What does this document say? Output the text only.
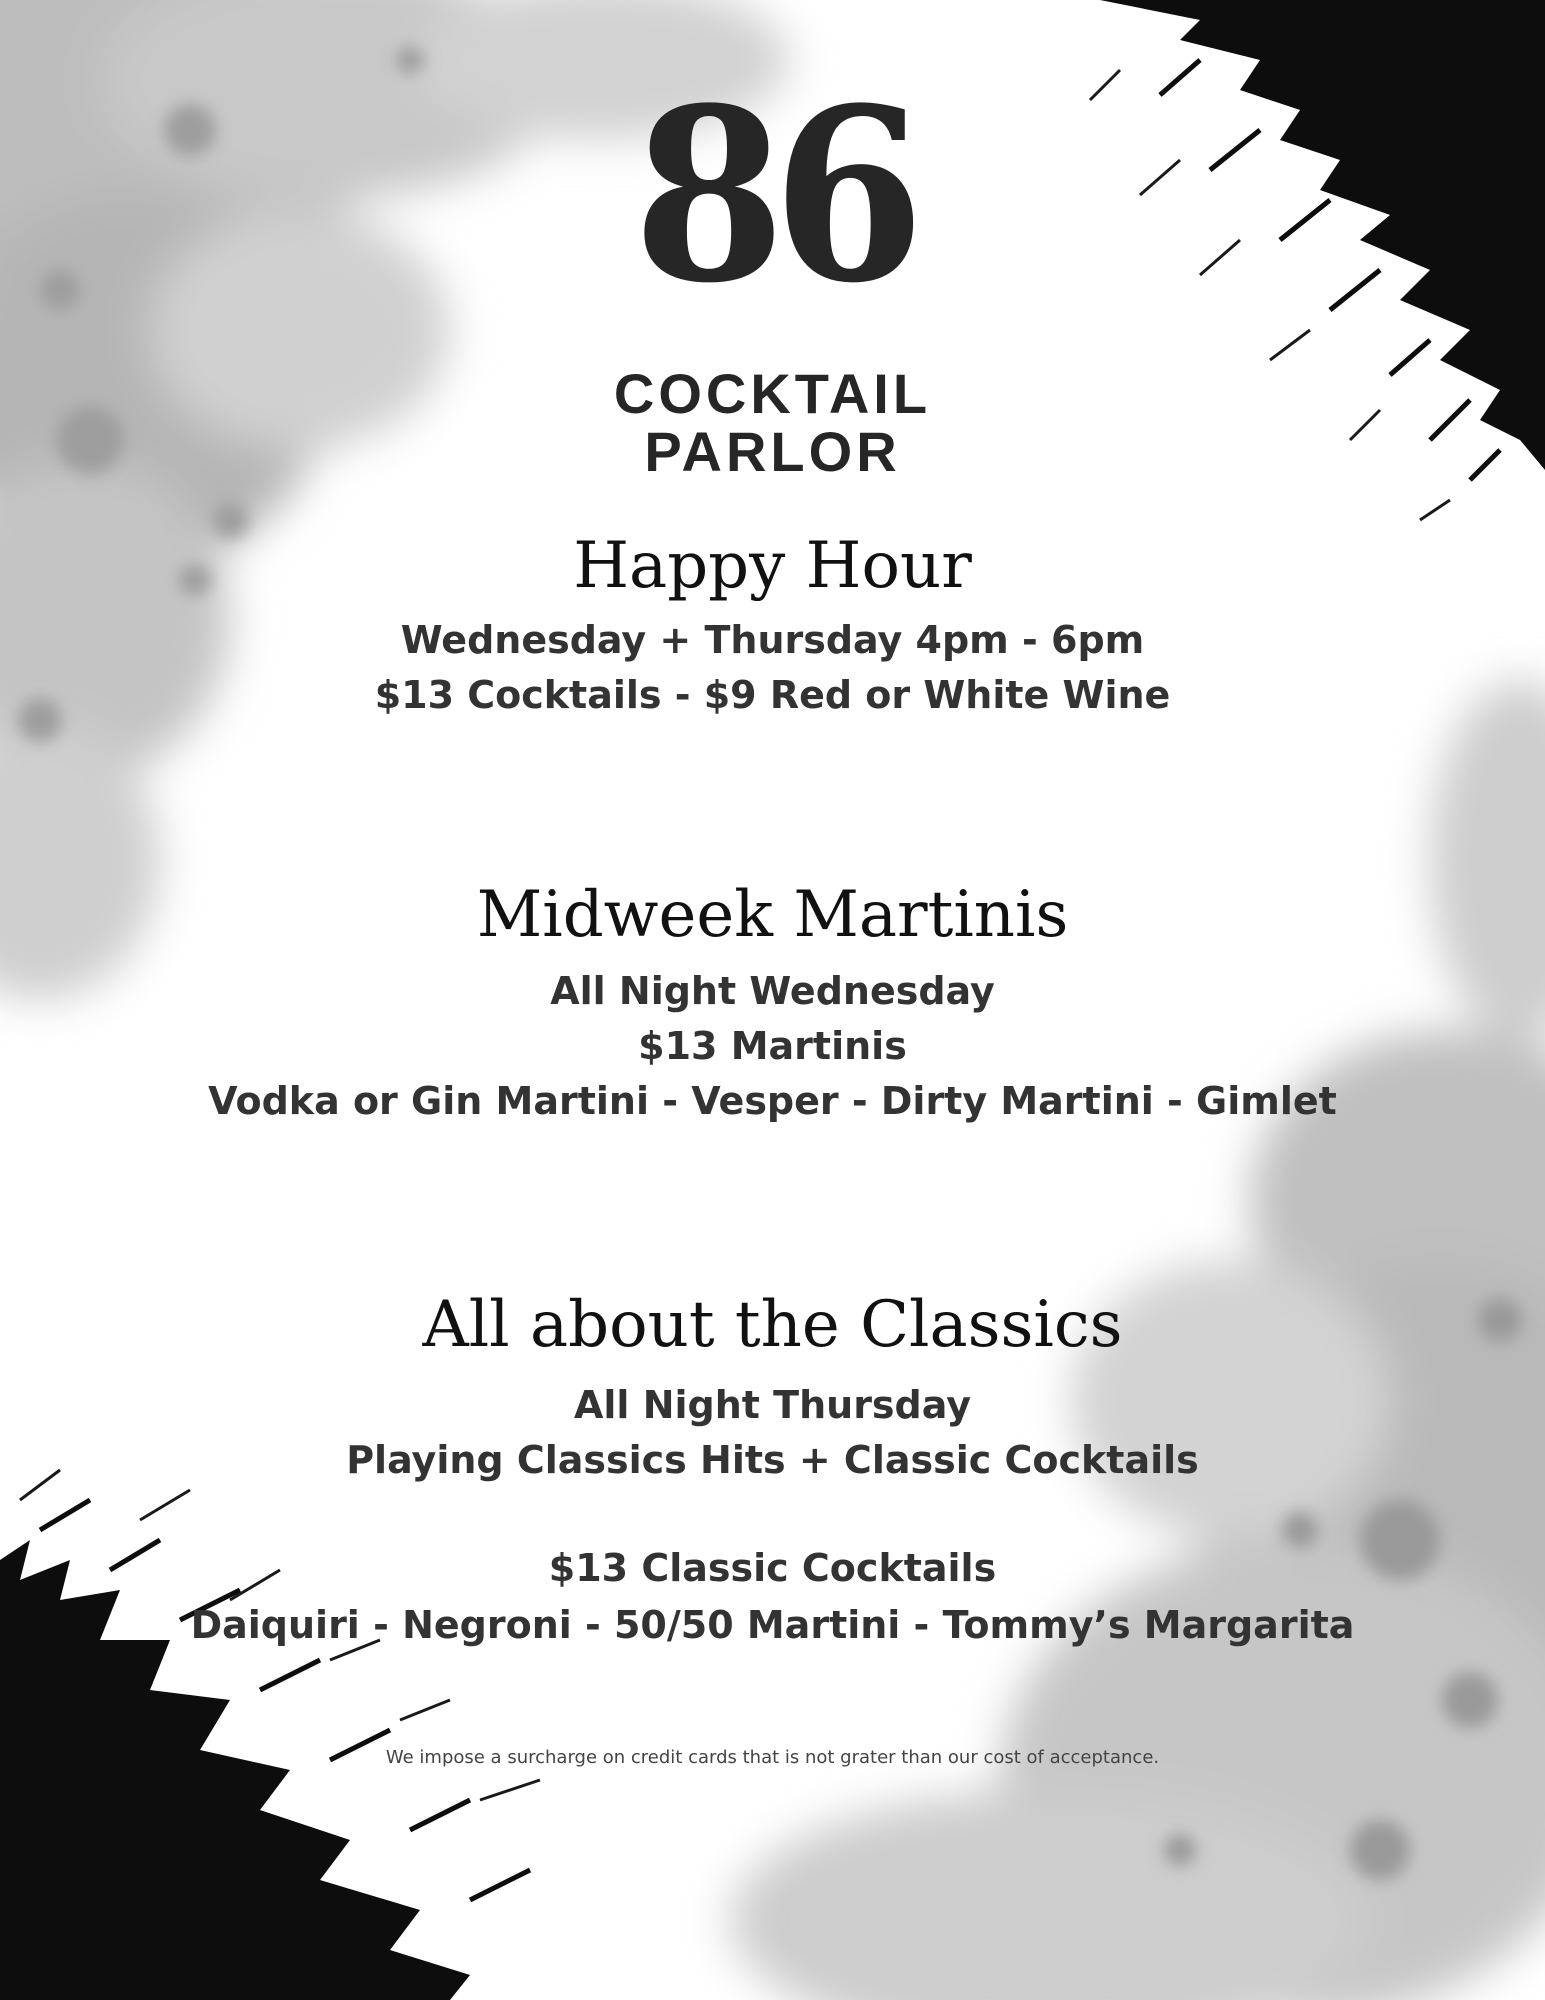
86
COCKTAIL
PARLOR
Happy Hour
Wednesday + Thursday 4pm - 6pm
$13 Cocktails - $9 Red or White Wine
Midweek Martinis
All Night Wednesday
$13 Martinis
Vodka or Gin Martini - Vesper - Dirty Martini - Gimlet
All about the Classics
All Night Thursday
Playing Classics Hits + Classic Cocktails
$13 Classic Cocktails
Daiquiri - Negroni - 50/50 Martini - Tommy’s Margarita
We impose a surcharge on credit cards that is not grater than our cost of acceptance.
